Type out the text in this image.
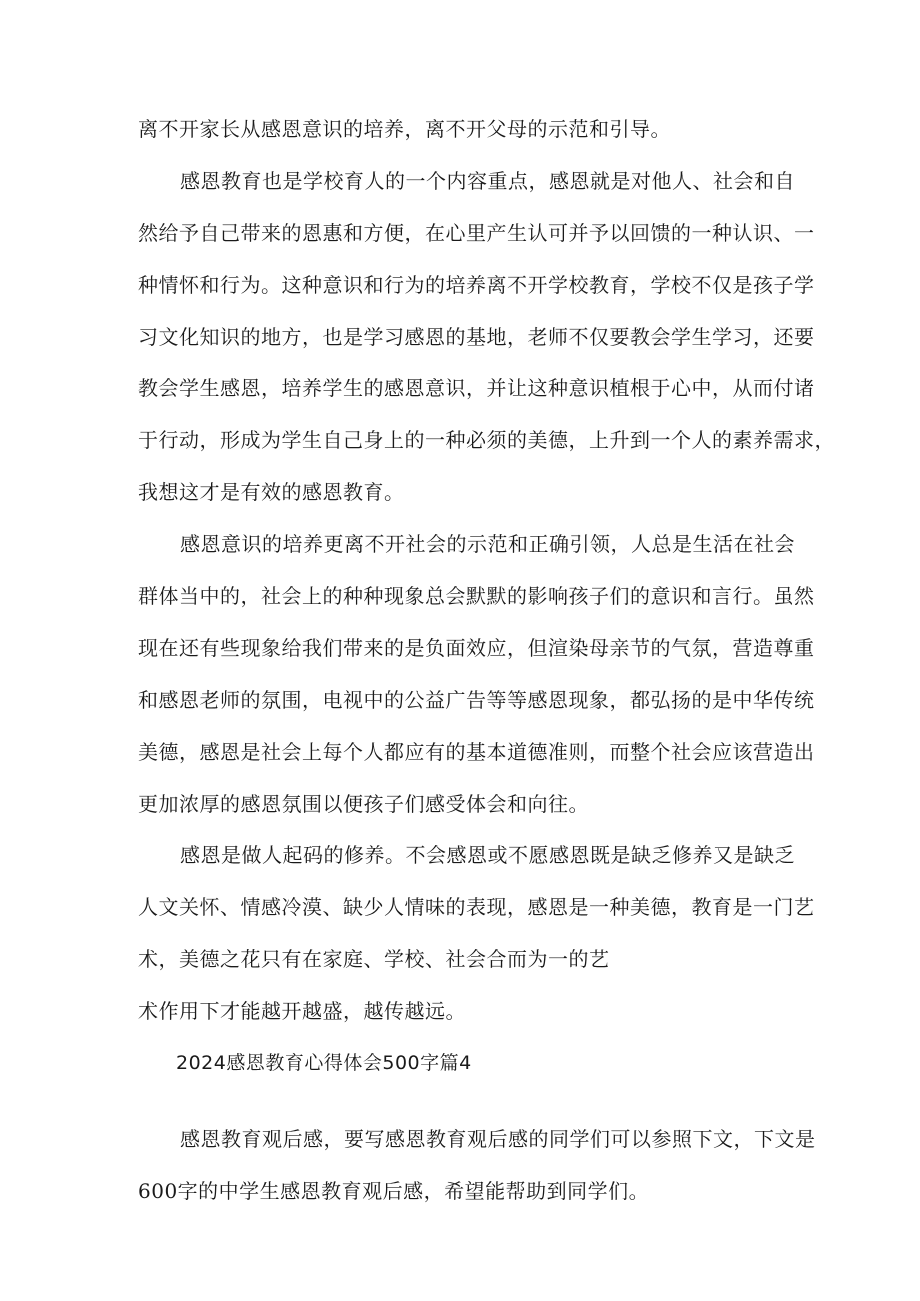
离不开家长从感恩意识的培养，离不开父母的示范和引导。
感恩教育也是学校育人的一个内容重点，感恩就是对他人、社会和自
然给予自己带来的恩惠和方便，在心里产生认可并予以回馈的一种认识、一
种情怀和行为。这种意识和行为的培养离不开学校教育，学校不仅是孩子学
习文化知识的地方，也是学习感恩的基地，老师不仅要教会学生学习，还要
教会学生感恩，培养学生的感恩意识，并让这种意识植根于心中，从而付诸
于行动，形成为学生自己身上的一种必须的美德，上升到一个人的素养需求，
我想这才是有效的感恩教育。
感恩意识的培养更离不开社会的示范和正确引领，人总是生活在社会
群体当中的，社会上的种种现象总会默默的影响孩子们的意识和言行。虽然
现在还有些现象给我们带来的是负面效应，但渲染母亲节的气氛，营造尊重
和感恩老师的氛围，电视中的公益广告等等感恩现象，都弘扬的是中华传统
美德，感恩是社会上每个人都应有的基本道德准则，而整个社会应该营造出
更加浓厚的感恩氛围以便孩子们感受体会和向往。
感恩是做人起码的修养。不会感恩或不愿感恩既是缺乏修养又是缺乏
人文关怀、情感冷漠、缺少人情味的表现，感恩是一种美德，教育是一门艺
术，美德之花只有在家庭、学校、社会合而为一的艺
术作用下才能越开越盛，越传越远。
2024感恩教育心得体会500字篇4
感恩教育观后感，要写感恩教育观后感的同学们可以参照下文，下文是
600字的中学生感恩教育观后感，希望能帮助到同学们。
